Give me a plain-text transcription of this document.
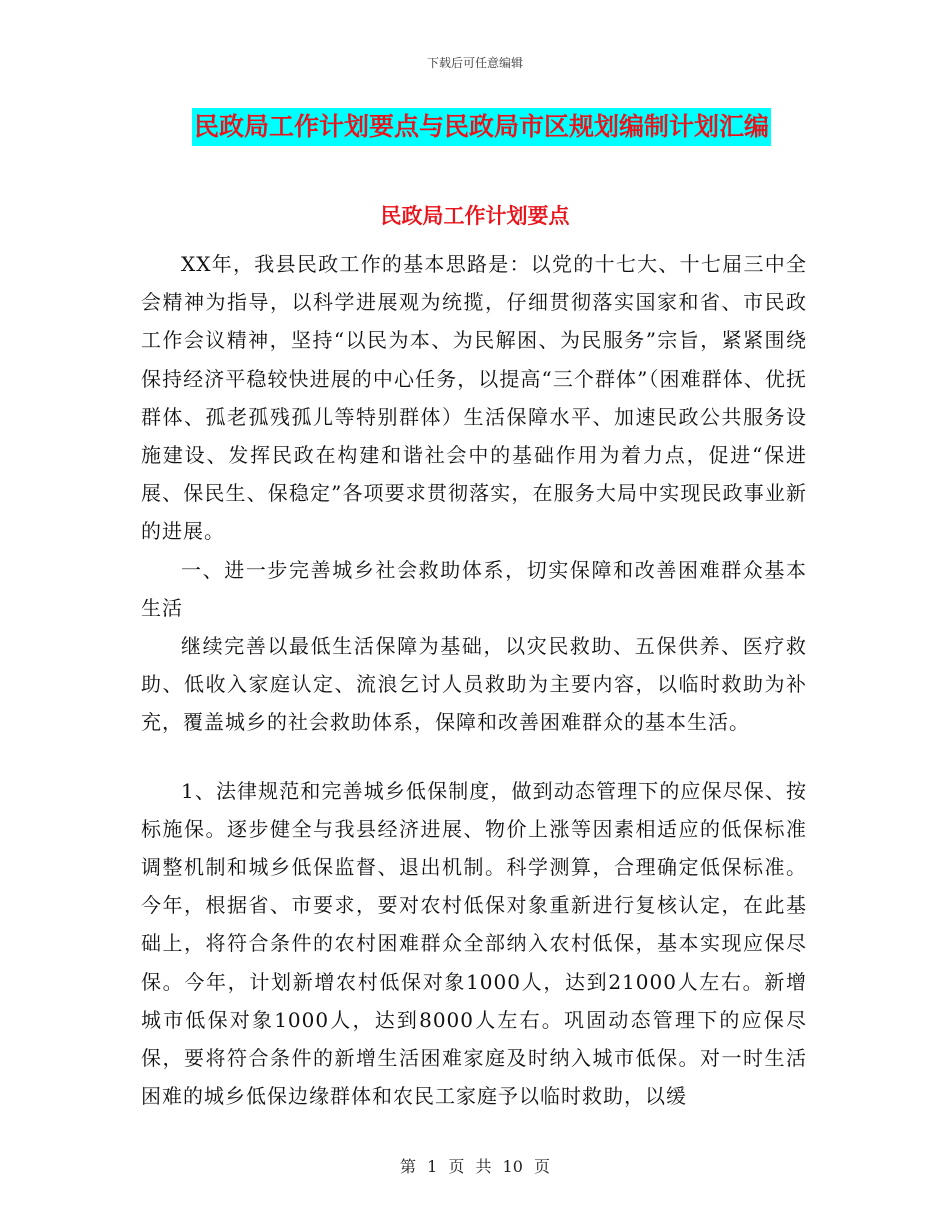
下载后可任意编辑
民政局工作计划要点与民政局市区规划编制计划汇编
民政局工作计划要点

XX年，我县民政工作的基本思路是：以党的十七大、十七届三中全会精神为指导，以科学进展观为统揽，仔细贯彻落实国家和省、市民政工作会议精神，坚持“以民为本、为民解困、为民服务”宗旨，紧紧围绕保持经济平稳较快进展的中心任务，以提高“三个群体”（困难群体、优抚群体、孤老孤残孤儿等特别群体）生活保障水平、加速民政公共服务设施建设、发挥民政在构建和谐社会中的基础作用为着力点，促进“保进展、保民生、保稳定”各项要求贯彻落实，在服务大局中实现民政事业新的进展。

一、进一步完善城乡社会救助体系，切实保障和改善困难群众基本生活

继续完善以最低生活保障为基础，以灾民救助、五保供养、医疗救助、低收入家庭认定、流浪乞讨人员救助为主要内容，以临时救助为补充，覆盖城乡的社会救助体系，保障和改善困难群众的基本生活。

1、法律规范和完善城乡低保制度，做到动态管理下的应保尽保、按标施保。逐步健全与我县经济进展、物价上涨等因素相适应的低保标准调整机制和城乡低保监督、退出机制。科学测算，合理确定低保标准。今年，根据省、市要求，要对农村低保对象重新进行复核认定，在此基础上，将符合条件的农村困难群众全部纳入农村低保，基本实现应保尽保。今年，计划新增农村低保对象1000人，达到21000人左右。新增城市低保对象1000人，达到8000人左右。巩固动态管理下的应保尽保，要将符合条件的新增生活困难家庭及时纳入城市低保。对一时生活困难的城乡低保边缘群体和农民工家庭予以临时救助，以缓

第 1 页 共 10 页
